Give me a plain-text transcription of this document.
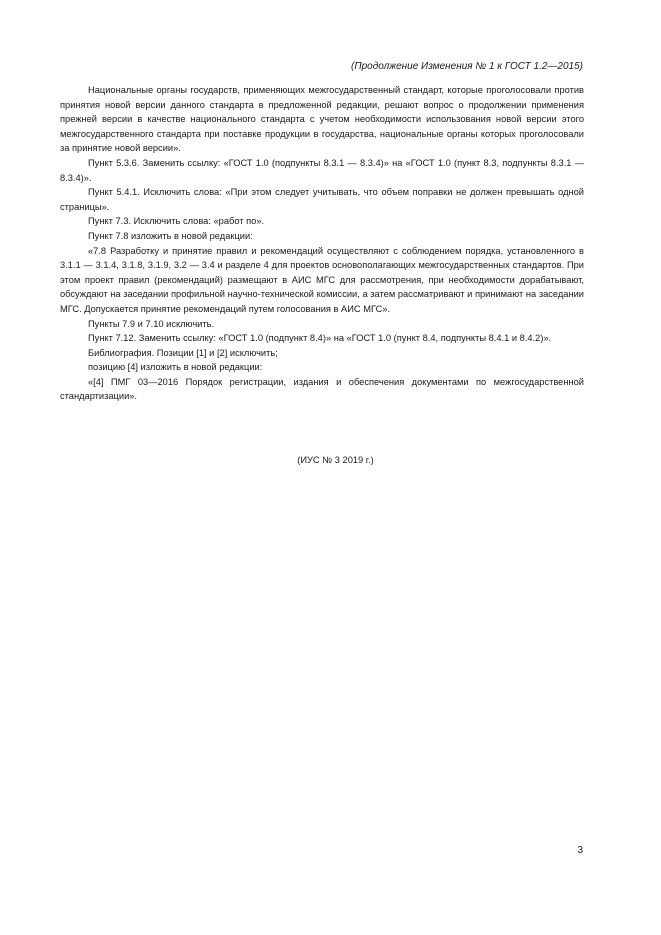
(Продолжение Изменения № 1 к ГОСТ 1.2—2015)

Национальные органы государств, применяющих межгосударственный стандарт, которые проголосовали против принятия новой версии данного стандарта в предложенной редакции, решают вопрос о продолжении применения прежней версии в качестве национального стандарта с учетом необходимости использования новой версии этого межгосударственного стандарта при поставке продукции в государства, национальные органы которых проголосовали за принятие новой версии».

Пункт 5.3.6. Заменить ссылку: «ГОСТ 1.0 (подпункты 8.3.1 — 8.3.4)» на «ГОСТ 1.0 (пункт 8.3, подпункты 8.3.1 — 8.3.4)».

Пункт 5.4.1. Исключить слова: «При этом следует учитывать, что объем поправки не должен превышать одной страницы».

Пункт 7.3. Исключить слова: «работ по».

Пункт 7.8 изложить в новой редакции:

«7.8 Разработку и принятие правил и рекомендаций осуществляют с соблюдением порядка, установленного в 3.1.1 — 3.1.4, 3.1.8, 3.1.9, 3.2 — 3.4 и разделе 4 для проектов основополагающих межгосударственных стандартов. При этом проект правил (рекомендаций) размещают в АИС МГС для рассмотрения, при необходимости дорабатывают, обсуждают на заседании профильной научно-технической комиссии, а затем рассматривают и принимают на заседании МГС. Допускается принятие рекомендаций путем голосования в АИС МГС».

Пункты 7.9 и 7.10 исключить.

Пункт 7.12. Заменить ссылку: «ГОСТ 1.0 (подпункт 8.4)» на «ГОСТ 1.0 (пункт 8.4, подпункты 8.4.1 и 8.4.2)».

Библиография. Позиции [1] и [2] исключить;

позицию [4] изложить в новой редакции:

«[4] ПМГ 03—2016 Порядок регистрации, издания и обеспечения документами по межгосударственной стандартизации».

(ИУС № 3 2019 г.)
3
